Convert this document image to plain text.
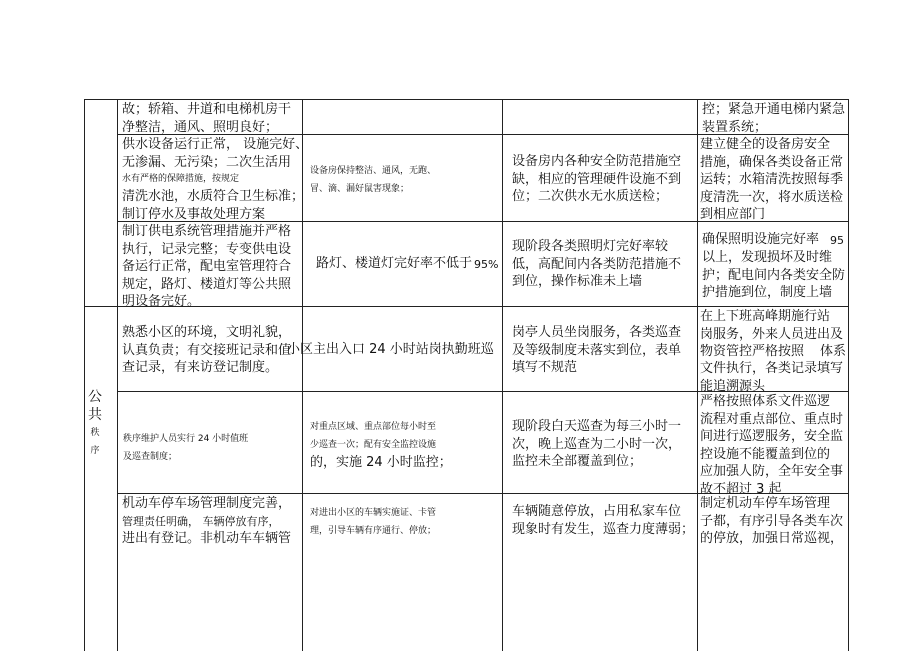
公
共
秩
序
故；轿箱、井道和电梯机房干
净整洁，通风、照明良好；
控；紧急开通电梯内紧急
装置系统；
供水设备运行正常， 设施完好、
无渗漏、无污染；二次生活用
水有严格的保障措施，按规定
清洗水池，水质符合卫生标准；
制订停水及事故处理方案
设备房保持整洁、通风，无跑、
冒、滴、漏好鼠害现象；
设备房内各种安全防范措施空
缺，相应的管理硬件设施不到
位；二次供水无水质送检；
建立健全的设备房安全
措施，确保各类设备正常
运转；水箱清洗按照每季
度清洗一次，将水质送检
到相应部门
制订供电系统管理措施并严格
执行，记录完整；专变供电设
备运行正常，配电室管理符合
规定，路灯、楼道灯等公共照
明设备完好。
路灯、楼道灯完好率不低于 95%
现阶段各类照明灯完好率较
低，高配间内各类防范措施不
到位，操作标准未上墙
确保照明设施完好率 95
以上，发现损坏及时维
护；配电间内各类安全防
护措施到位，制度上墙
熟悉小区的环境，文明礼貌，
认真负责；有交接班记录和值
查记录，有来访登记制度。
小区主出入口 24 小时站岗执勤班巡
岗亭人员坐岗服务，各类巡查
及等级制度未落实到位，表单
填写不规范
在上下班高峰期施行站
岗服务，外来人员进出及
物资管控严格按照	体系
文件执行，各类记录填写
能追溯源头
秩序维护人员实行 24 小时值班
及巡查制度；
对重点区域、重点部位每小时至
少巡查一次；配有安全监控设施
的，实施 24 小时监控；
现阶段白天巡查为每三小时一
次，晚上巡查为二小时一次，
监控未全部覆盖到位；
严格按照体系文件巡逻
流程对重点部位、重点时
间进行巡逻服务，安全监
控设施不能覆盖到位的
应加强人防，全年安全事
故不超过 3 起
机动车停车场管理制度完善，
管理责任明确， 车辆停放有序，
进出有登记。非机动车车辆管
对进出小区的车辆实施证、卡管
理，引导车辆有序通行、停放；
车辆随意停放，占用私家车位
现象时有发生，巡查力度薄弱；
制定机动车停车场管理
子都，有序引导各类车次
的停放，加强日常巡视，
